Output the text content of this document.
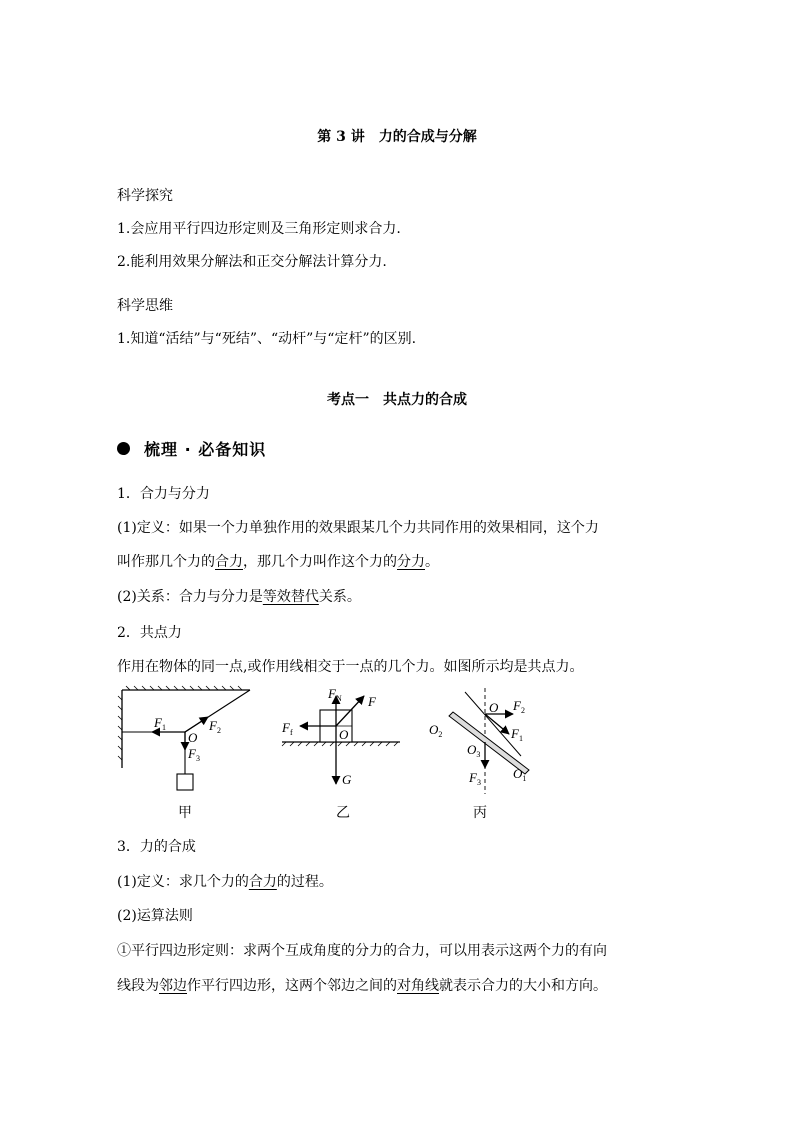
第 3 讲　力的合成与分解
科学探究
1.会应用平行四边形定则及三角形定则求合力.
2.能利用效果分解法和正交分解法计算分力.
科学思维
1.知道“活结”与“死结”、“动杆”与“定杆”的区别.
考点一　共点力的合成
梳理 · 必备知识
1．合力与分力
(1)定义：如果一个力单独作用的效果跟某几个力共同作用的效果相同，这个力
叫作那几个力的合力，那几个力叫作这个力的分力。
(2)关系：合力与分力是等效替代关系。
2．共点力
作用在物体的同一点,或作用线相交于一点的几个力。如图所示均是共点力。
$F_1$	$F_2$
O
$F_3$
甲
$F_N$ F
$F_f$	O
G
乙
O $F_2$
$F_1$
$O_2$
$O_3$
$F_3$
$O_1$
丙
3．力的合成
(1)定义：求几个力的合力的过程。
(2)运算法则
①平行四边形定则：求两个互成角度的分力的合力，可以用表示这两个力的有向
线段为邻边作平行四边形，这两个邻边之间的对角线就表示合力的大小和方向。
